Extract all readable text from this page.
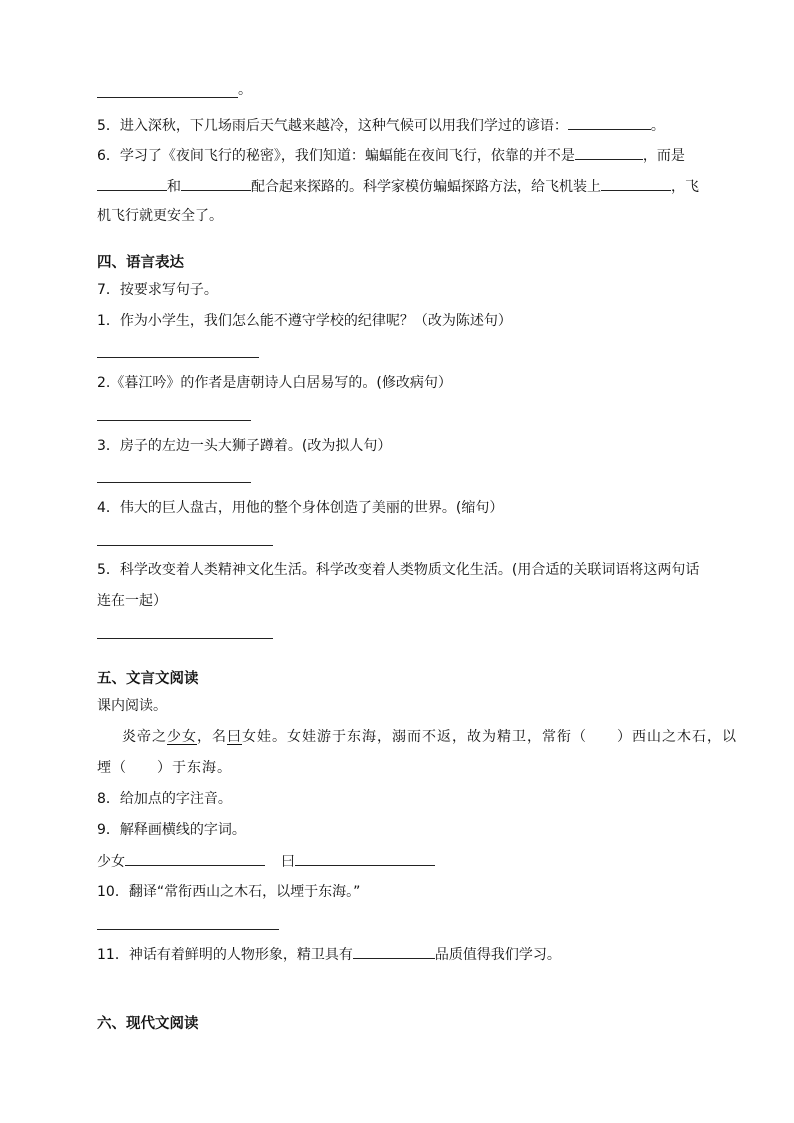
。
5．进入深秋，下几场雨后天气越来越冷，这种气候可以用我们学过的谚语：	。
6．学习了《夜间飞行的秘密》，我们知道：蝙蝠能在夜间飞行，依靠的并不是	，而是
和	配合起来探路的。科学家模仿蝙蝠探路方法，给飞机装上	，飞
机飞行就更安全了。
四、语言表达
7．按要求写句子。
1．作为小学生，我们怎么能不遵守学校的纪律呢？（改为陈述句）
2.《暮江吟》的作者是唐朝诗人白居易写的。(修改病句）
3．房子的左边一头大狮子蹲着。(改为拟人句）
4．伟大的巨人盘古，用他的整个身体创造了美丽的世界。(缩句）
5．科学改变着人类精神文化生活。科学改变着人类物质文化生活。(用合适的关联词语将这两句话
连在一起）
五、文言文阅读
课内阅读。
炎帝之少女，名曰女娃。女娃游于东海，溺而不返，故为精卫，常衔（ ）西山之木石，以
堙（ ）于东海。
8．给加点的字注音。
9．解释画横线的字词。
少女	曰
10．翻译“常衔西山之木石，以堙于东海。”
11．神话有着鲜明的人物形象，精卫具有	品质值得我们学习。
六、现代文阅读
